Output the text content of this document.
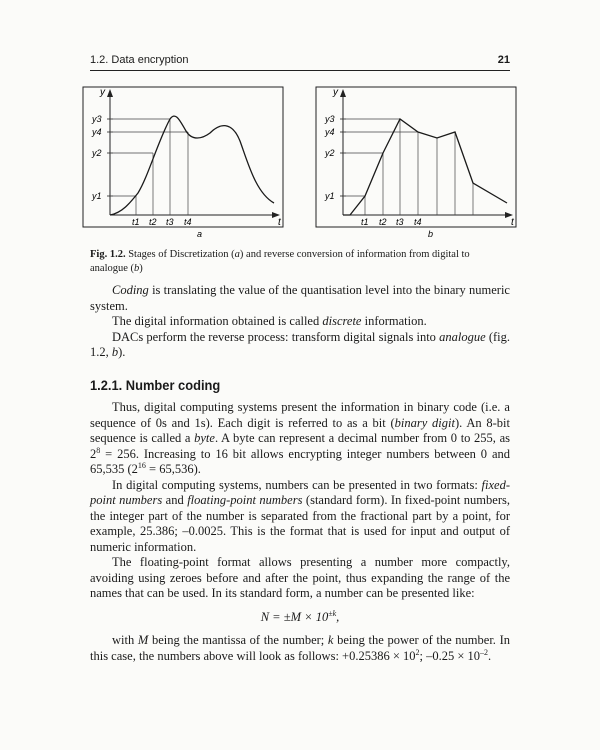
1.2. Data encryption	21
y
t
y3
y4
y2
y1
t1 t2 t3 t4
a
y
t
y3
y4
y2
y1
t1 t2 t3 t4
b
Fig. 1.2. Stages of Discretization (a) and reverse conversion of information from digital to analogue (b)

Coding is translating the value of the quantisation level into the binary numeric system.

The digital information obtained is called discrete information.

DACs perform the reverse process: transform digital signals into analogue (fig. 1.2, b).

1.2.1. Number coding

Thus, digital computing systems present the information in binary code (i.e. a sequence of 0s and 1s). Each digit is referred to as a bit (binary digit). An 8-bit sequence is called a byte. A byte can represent a decimal number from 0 to 255, as $2^8 = 256$. Increasing to 16 bit allows encrypting integer numbers between 0 and 65,535 $(2^{16} = 65,536)$.

In digital computing systems, numbers can be presented in two formats: fixed-point numbers and floating-point numbers (standard form). In fixed-point numbers, the integer part of the number is separated from the fractional part by a point, for example, 25.386; –0.0025. This is the format that is used for input and output of numeric information.

The floating-point format allows presenting a number more compactly, avoiding using zeroes before and after the point, thus expanding the range of the names that can be used. In its standard form, a number can be presented like:

$N = \pm M \times 10^{\pm k}$,

with M being the mantissa of the number; k being the power of the number. In this case, the numbers above will look as follows: $+0.25386 \times 10^2$; $-0.25 \times 10^{-2}$.
